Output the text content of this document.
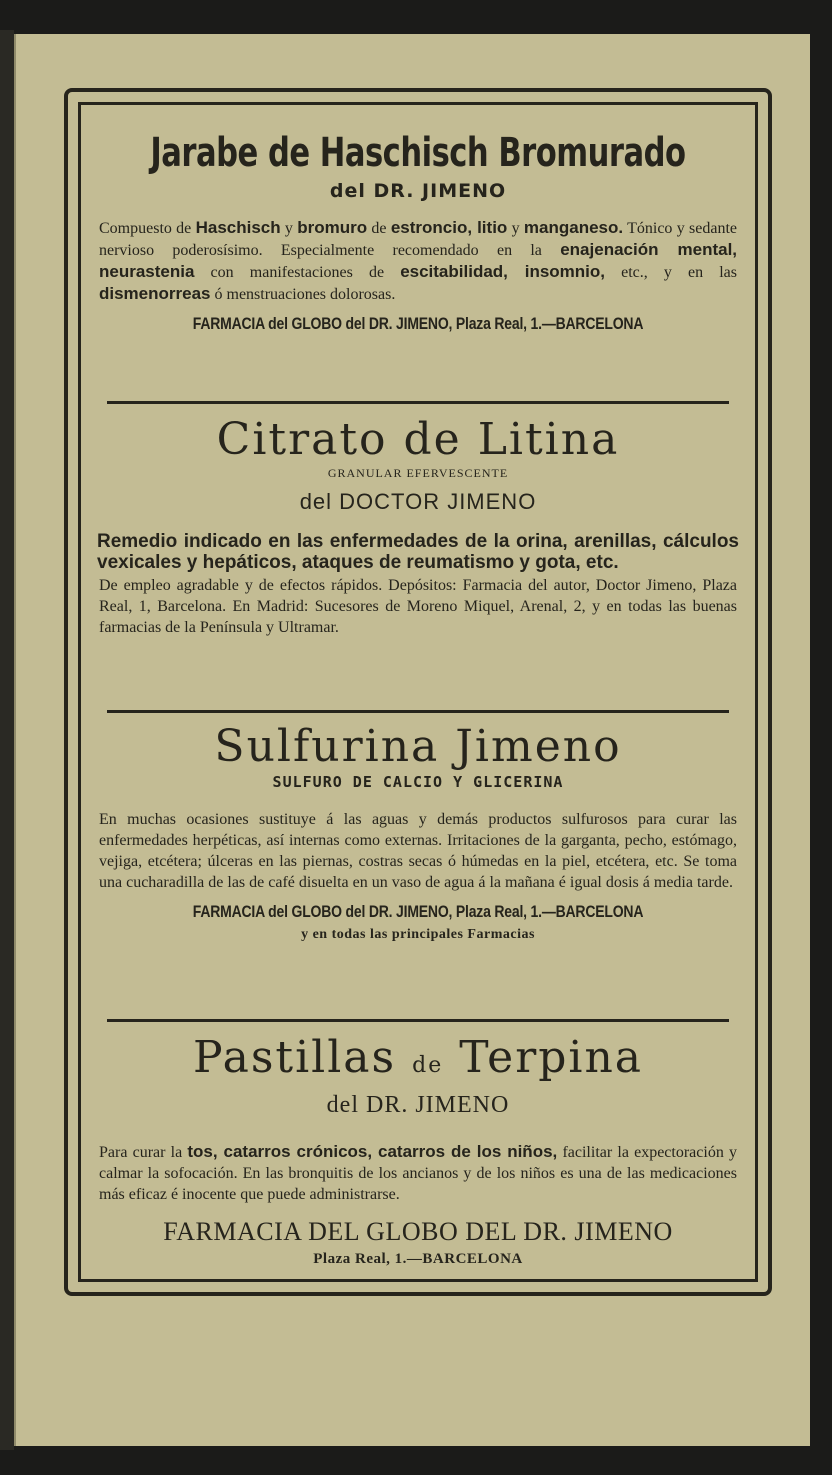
Jarabe de Haschisch Bromurado
del DR. JIMENO

Compuesto de Haschisch y bromuro de estroncio, litio y manganeso. Tónico y sedante nervioso poderosísimo. Especialmente recomendado en la enajenación mental, neurastenia con manifestaciones de escitabilidad, insomnio, etc., y en las dismenorreas ó menstruaciones dolorosas.

FARMACIA del GLOBO del DR. JIMENO, Plaza Real, 1.—BARCELONA
Citrato de Litina
GRANULAR EFERVESCENTE
del DOCTOR JIMENO

Remedio indicado en las enfermedades de la orina, arenillas, cálculos vexicales y hepáticos, ataques de reumatismo y gota, etc.

De empleo agradable y de efectos rápidos. Depósitos: Farmacia del autor, Doctor Jimeno, Plaza Real, 1, Barcelona. En Madrid: Sucesores de Moreno Miquel, Arenal, 2, y en todas las buenas farmacias de la Península y Ultramar.

Sulfurina Jimeno
SULFURO DE CALCIO Y GLICERINA

En muchas ocasiones sustituye á las aguas y demás productos sulfurosos para curar las enfermedades herpéticas, así internas como externas. Irritaciones de la garganta, pecho, estómago, vejiga, etcétera; úlceras en las piernas, costras secas ó húmedas en la piel, etcétera, etc. Se toma una cucharadilla de las de café disuelta en un vaso de agua á la mañana é igual dosis á media tarde.

FARMACIA del GLOBO del DR. JIMENO, Plaza Real, 1.—BARCELONA
y en todas las principales Farmacias
Pastillas de Terpina
del DR. JIMENO

Para curar la tos, catarros crónicos, catarros de los niños, facilitar la expectoración y calmar la sofocación. En las bronquitis de los ancianos y de los niños es una de las medicaciones más eficaz é inocente que puede administrarse.

FARMACIA DEL GLOBO DEL DR. JIMENO
Plaza Real, 1.—BARCELONA
